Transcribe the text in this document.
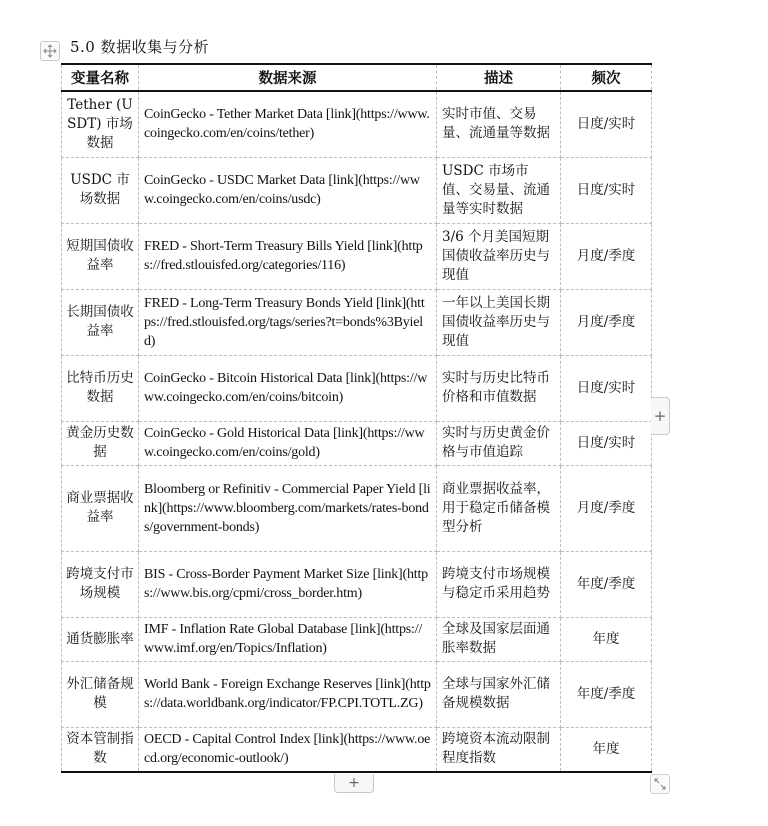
5.0 数据收集与分析
变量名称	数据来源	描述	频次
Tether (USDT) 市场数据	CoinGecko - Tether Market Data [link](https://www.coingecko.com/en/coins/tether)	实时市值、交易量、流通量等数据	日度/实时
USDC 市场数据	CoinGecko - USDC Market Data [link](https://www.coingecko.com/en/coins/usdc)	USDC 市场市值、交易量、流通量等实时数据	日度/实时
短期国债收益率	FRED - Short-Term Treasury Bills Yield [link](https://fred.stlouisfed.org/categories/116)	3/6 个月美国短期国债收益率历史与现值	月度/季度
长期国债收益率	FRED - Long-Term Treasury Bonds Yield [link](https://fred.stlouisfed.org/tags/series?t=bonds%3Byield)	一年以上美国长期国债收益率历史与现值	月度/季度
比特币历史数据	CoinGecko - Bitcoin Historical Data [link](https://www.coingecko.com/en/coins/bitcoin)	实时与历史比特币价格和市值数据	日度/实时
黄金历史数据	CoinGecko - Gold Historical Data [link](https://www.coingecko.com/en/coins/gold)	实时与历史黄金价格与市值追踪	日度/实时
商业票据收益率	Bloomberg or Refinitiv - Commercial Paper Yield [link](https://www.bloomberg.com/markets/rates-bonds/government-bonds)	商业票据收益率，用于稳定币储备模型分析	月度/季度
跨境支付市场规模	BIS - Cross-Border Payment Market Size [link](https://www.bis.org/cpmi/cross_border.htm)	跨境支付市场规模与稳定币采用趋势	年度/季度
通货膨胀率	IMF - Inflation Rate Global Database [link](https://www.imf.org/en/Topics/Inflation)	全球及国家层面通胀率数据	年度
外汇储备规模	World Bank - Foreign Exchange Reserves [link](https://data.worldbank.org/indicator/FP.CPI.TOTL.ZG)	全球与国家外汇储备规模数据	年度/季度
资本管制指数	OECD - Capital Control Index [link](https://www.oecd.org/economic-outlook/)	跨境资本流动限制程度指数	年度
+
+
